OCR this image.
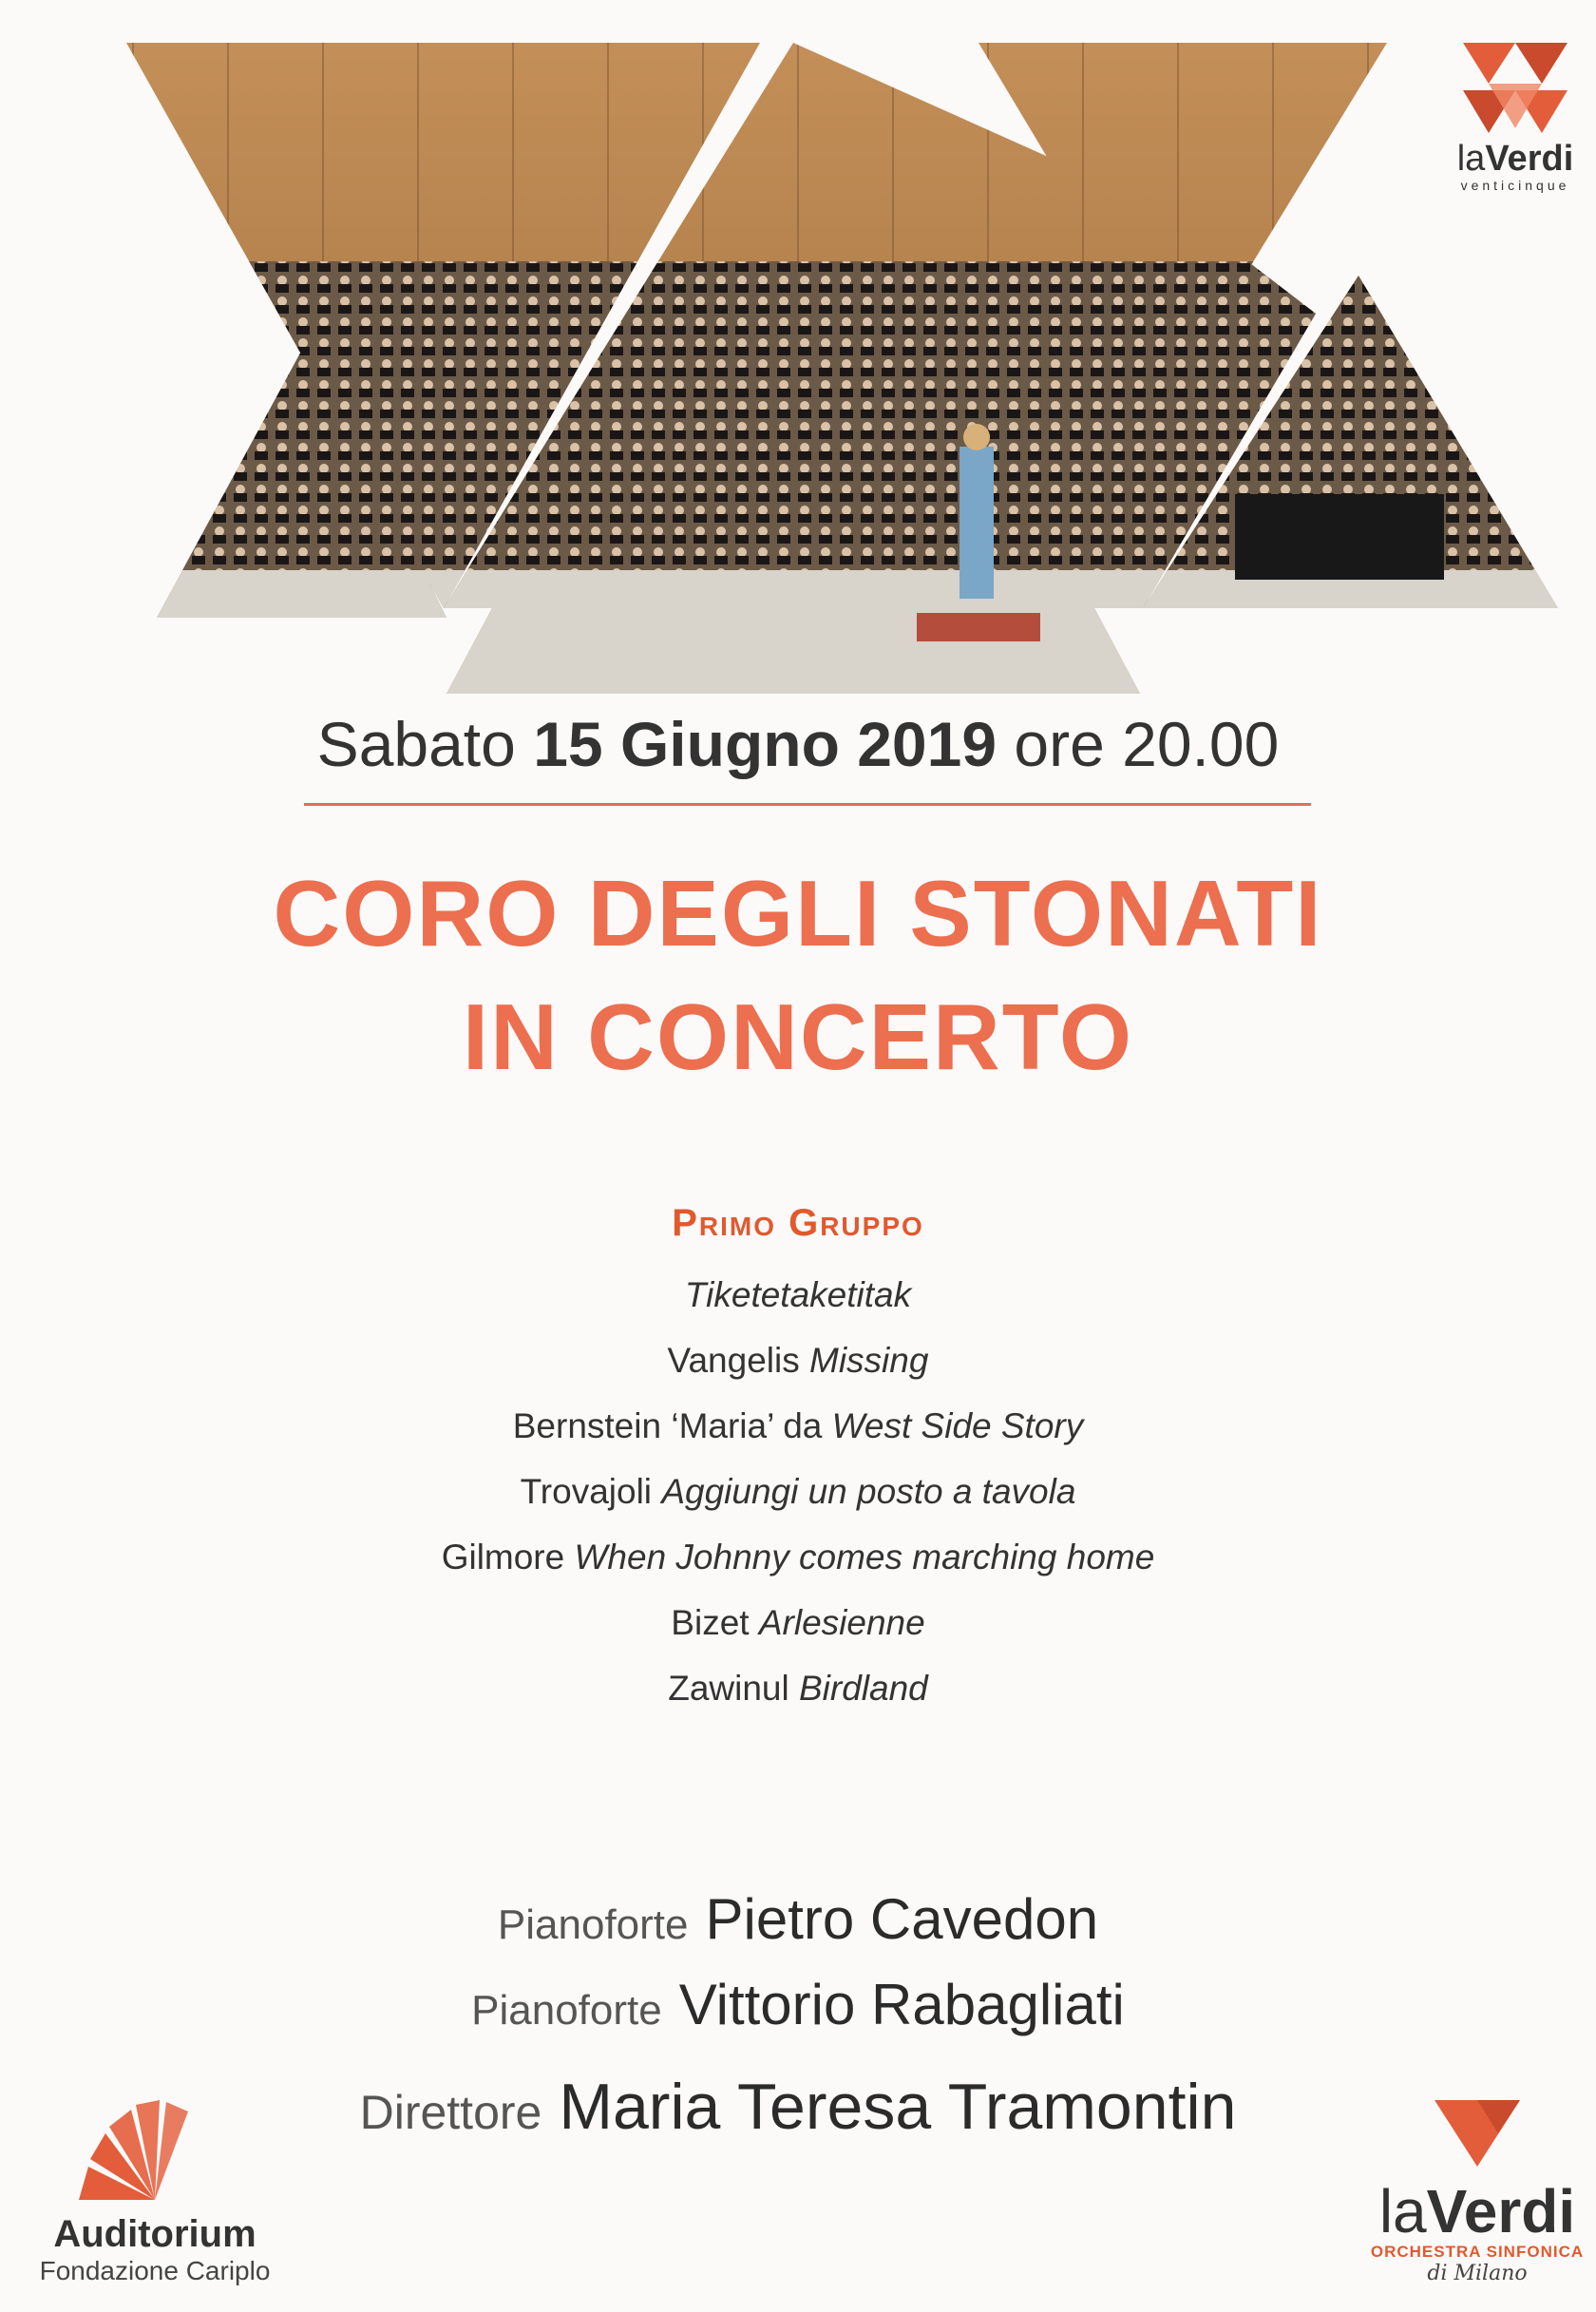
laVerdi
venticinque
Sabato 15 Giugno 2019 ore 20.00
CORO DEGLI STONATI
IN CONCERTO
Primo Gruppo
Tiketetaketitak
Vangelis Missing
Bernstein ‘Maria’ da West Side Story
Trovajoli Aggiungi un posto a tavola
Gilmore When Johnny comes marching home
Bizet Arlesienne
Zawinul Birdland
Pianoforte Pietro Cavedon
Pianoforte Vittorio Rabagliati
Direttore Maria Teresa Tramontin
Auditorium
Fondazione Cariplo
laVerdi
ORCHESTRA SINFONICA
di Milano
